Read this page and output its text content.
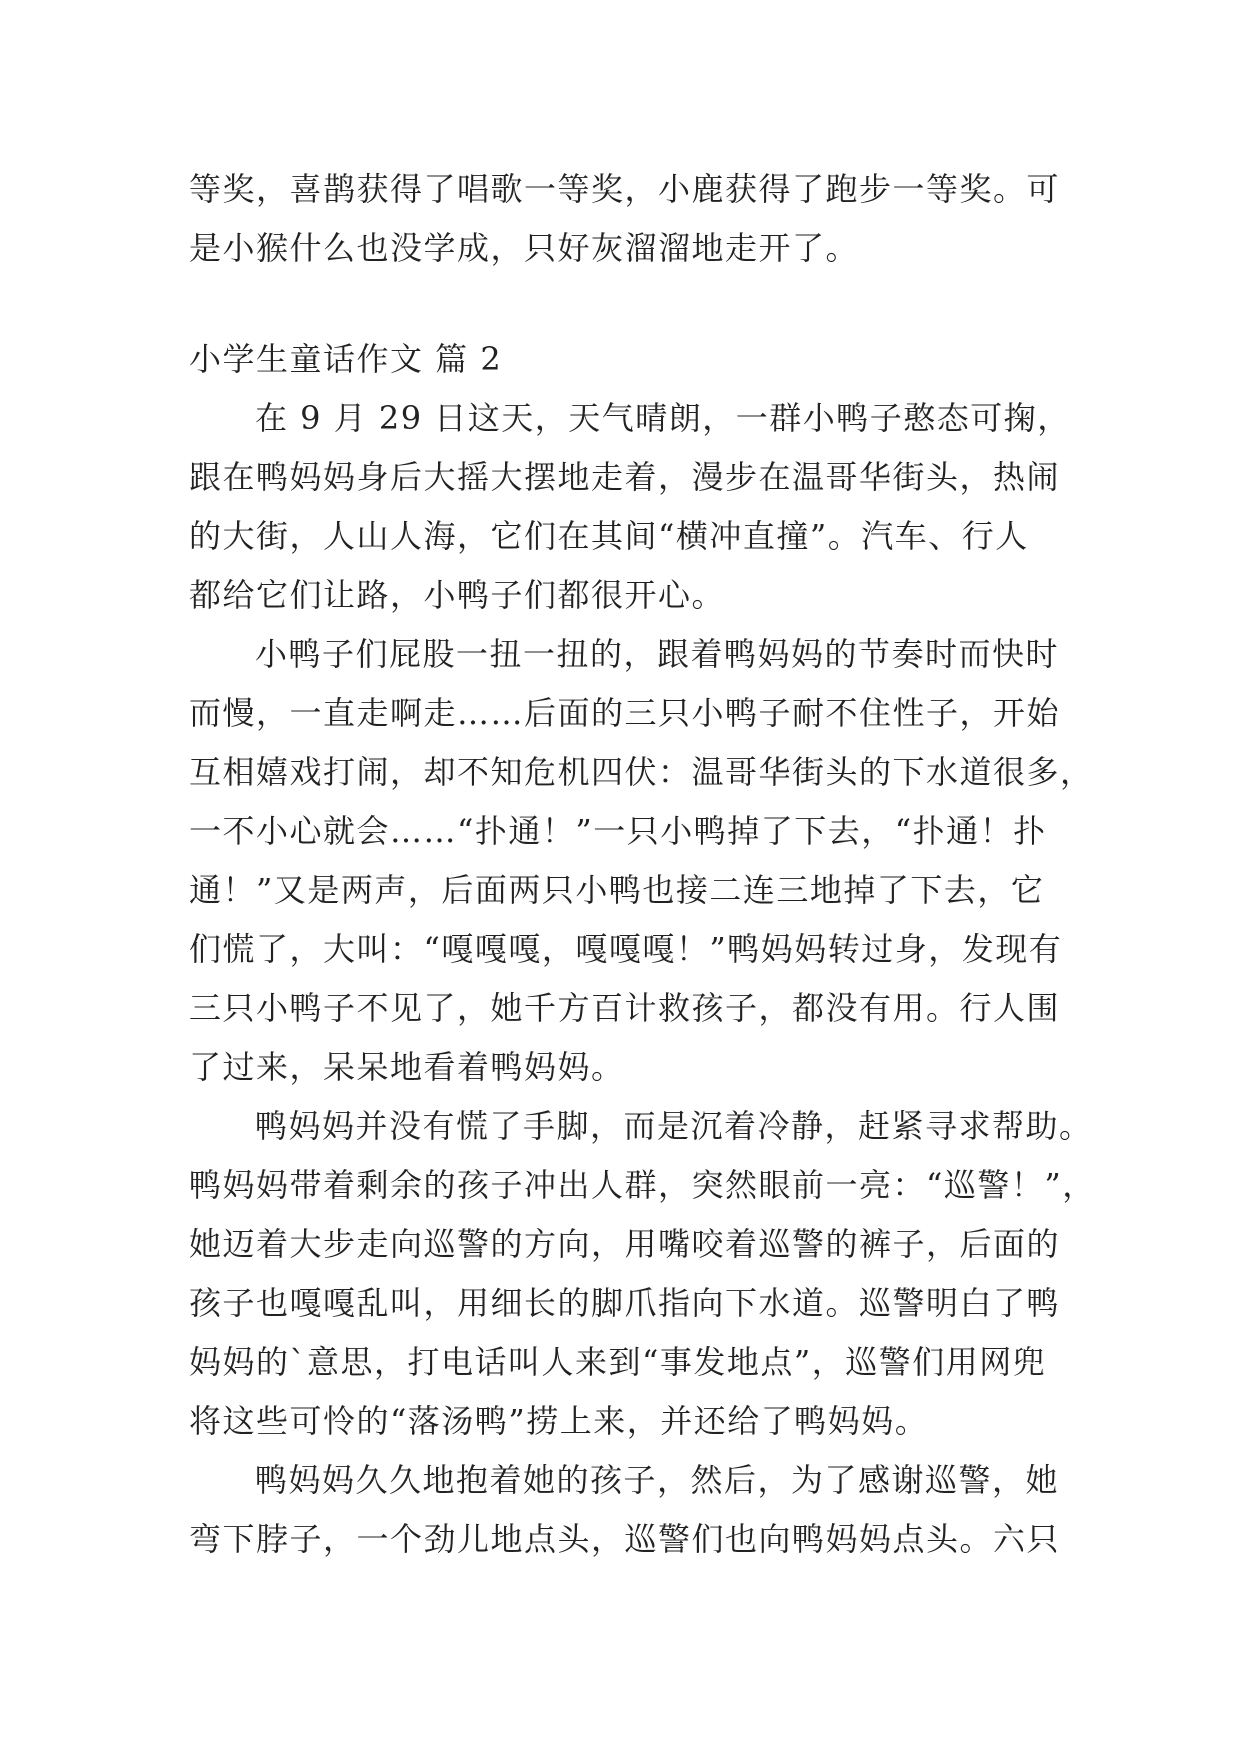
等奖，喜鹊获得了唱歌一等奖，小鹿获得了跑步一等奖。可
是小猴什么也没学成，只好灰溜溜地走开了。
小学生童话作文 篇 2
在 9 月 29 日这天，天气晴朗，一群小鸭子憨态可掬，
跟在鸭妈妈身后大摇大摆地走着，漫步在温哥华街头，热闹
的大街，人山人海，它们在其间“横冲直撞”。汽车、行人
都给它们让路，小鸭子们都很开心。
小鸭子们屁股一扭一扭的，跟着鸭妈妈的节奏时而快时
而慢，一直走啊走……后面的三只小鸭子耐不住性子，开始
互相嬉戏打闹，却不知危机四伏：温哥华街头的下水道很多，
一不小心就会……“扑通！”一只小鸭掉了下去，“扑通！扑
通！”又是两声，后面两只小鸭也接二连三地掉了下去，它
们慌了，大叫：“嘎嘎嘎，嘎嘎嘎！”鸭妈妈转过身，发现有
三只小鸭子不见了，她千方百计救孩子，都没有用。行人围
了过来，呆呆地看着鸭妈妈。
鸭妈妈并没有慌了手脚，而是沉着冷静，赶紧寻求帮助。
鸭妈妈带着剩余的孩子冲出人群，突然眼前一亮：“巡警！”，
她迈着大步走向巡警的方向，用嘴咬着巡警的裤子，后面的
孩子也嘎嘎乱叫，用细长的脚爪指向下水道。巡警明白了鸭
妈妈的`意思，打电话叫人来到“事发地点”，巡警们用网兜
将这些可怜的“落汤鸭”捞上来，并还给了鸭妈妈。
鸭妈妈久久地抱着她的孩子，然后，为了感谢巡警，她
弯下脖子，一个劲儿地点头，巡警们也向鸭妈妈点头。六只
